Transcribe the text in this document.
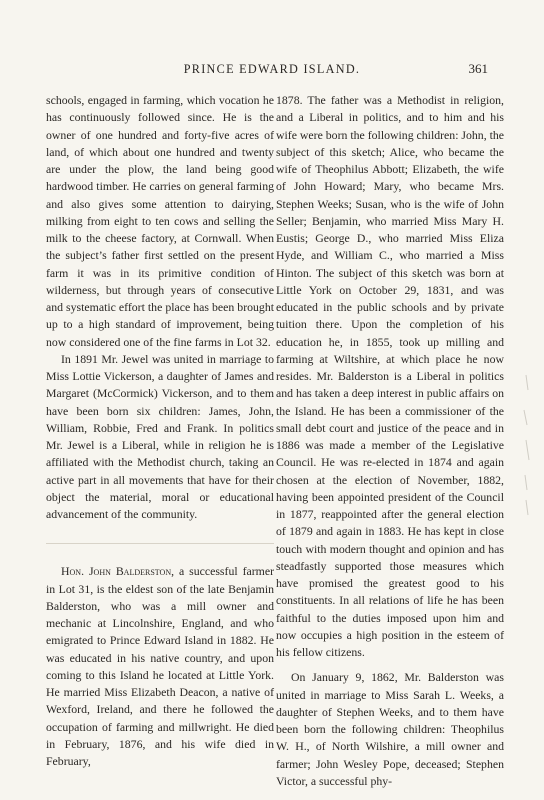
PRINCE EDWARD ISLAND.	361

schools, engaged in farming, which vocation he has continuously followed since. He is the owner of one hundred and forty-five acres of land, of which about one hundred and twenty are under the plow, the land being good hardwood timber. He carries on general farming and also gives some attention to dairying, milking from eight to ten cows and selling the milk to the cheese factory, at Cornwall. When the subject’s father first settled on the present farm it was in its primitive condition of wilderness, but through years of consecutive and systematic effort the place has been brought up to a high standard of improvement, being now considered one of the fine farms in Lot 32.

In 1891 Mr. Jewel was united in marriage to Miss Lottie Vickerson, a daughter of James and Margaret (McCormick) Vickerson, and to them have been born six children: James, John, William, Robbie, Fred and Frank. In politics Mr. Jewel is a Liberal, while in religion he is affiliated with the Methodist church, taking an active part in all movements that have for their object the material, moral or educational advancement of the community.

Hon. John Balderston, a successful farmer in Lot 31, is the eldest son of the late Benjamin Balderston, who was a mill owner and mechanic at Lincolnshire, England, and who emigrated to Prince Edward Island in 1882. He was educated in his native country, and upon coming to this Island he located at Little York. He married Miss Elizabeth Deacon, a native of Wexford, Ireland, and there he followed the occupation of farming and millwright. He died in February, 1876, and his wife died in February,

1878. The father was a Methodist in religion, and a Liberal in politics, and to him and his wife were born the following children: John, the subject of this sketch; Alice, who became the wife of Theophilus Abbott; Elizabeth, the wife of John Howard; Mary, who became Mrs. Stephen Weeks; Susan, who is the wife of John Seller; Benjamin, who married Miss Mary H. Eustis; George D., who married Miss Eliza Hyde, and William C., who married a Miss Hinton. The subject of this sketch was born at Little York on October 29, 1831, and was educated in the public schools and by private tuition there. Upon the completion of his education he, in 1855, took up milling and farming at Wiltshire, at which place he now resides. Mr. Balderston is a Liberal in politics and has taken a deep interest in public affairs on the Island. He has been a commissioner of the small debt court and justice of the peace and in 1886 was made a member of the Legislative Council. He was re-elected in 1874 and again chosen at the election of November, 1882, having been appointed president of the Council in 1877, reappointed after the general election of 1879 and again in 1883. He has kept in close touch with modern thought and opinion and has steadfastly supported those measures which have promised the greatest good to his constituents. In all relations of life he has been faithful to the duties imposed upon him and now occupies a high position in the esteem of his fellow citizens.

On January 9, 1862, Mr. Balderston was united in marriage to Miss Sarah L. Weeks, a daughter of Stephen Weeks, and to them have been born the following children: Theophilus W. H., of North Wilshire, a mill owner and farmer; John Wesley Pope, deceased; Stephen Victor, a successful phy-
